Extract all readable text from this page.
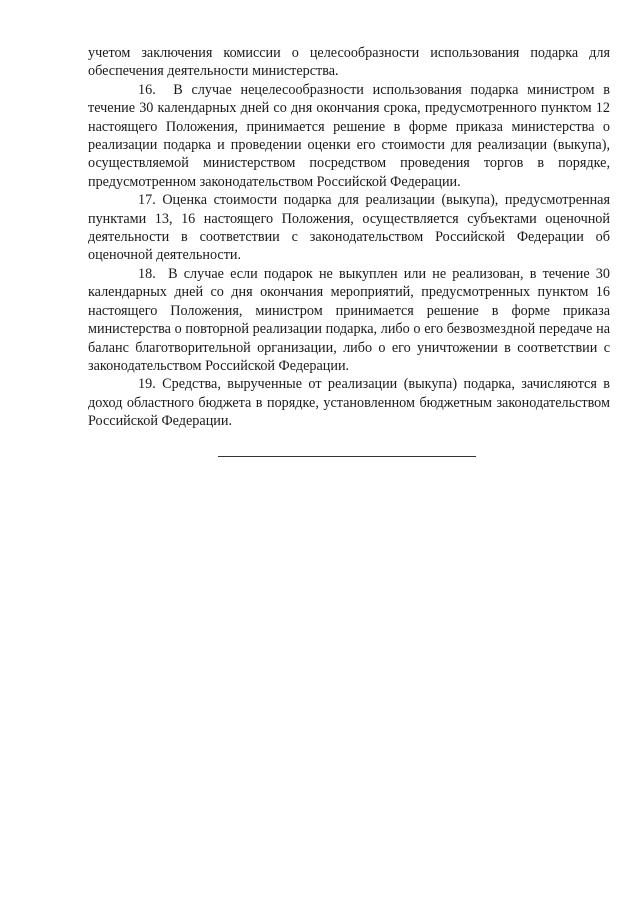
учетом заключения комиссии о целесообразности использования подарка для обеспечения деятельности министерства.

16.  В случае нецелесообразности использования подарка министром в течение 30 календарных дней со дня окончания срока, предусмотренного пунктом 12 настоящего Положения, принимается решение в форме приказа министерства о реализации подарка и проведении оценки его стоимости для реализации (выкупа), осуществляемой министерством посредством проведения торгов в порядке, предусмотренном законодательством Российской Федерации.

17. Оценка стоимости подарка для реализации (выкупа), предусмотренная пунктами 13, 16 настоящего Положения, осуществляется субъектами оценочной деятельности в соответствии с законодательством Российской Федерации об оценочной деятельности.

18.  В случае если подарок не выкуплен или не реализован, в течение 30 календарных дней со дня окончания мероприятий, предусмотренных пунктом 16 настоящего Положения, министром принимается решение в форме приказа министерства о повторной реализации подарка, либо о его безвозмездной передаче на баланс благотворительной организации, либо о его уничтожении в соответствии с законодательством Российской Федерации.

19. Средства, вырученные от реализации (выкупа) подарка, зачисляются в доход областного бюджета в порядке, установленном бюджетным законодательством Российской Федерации.
